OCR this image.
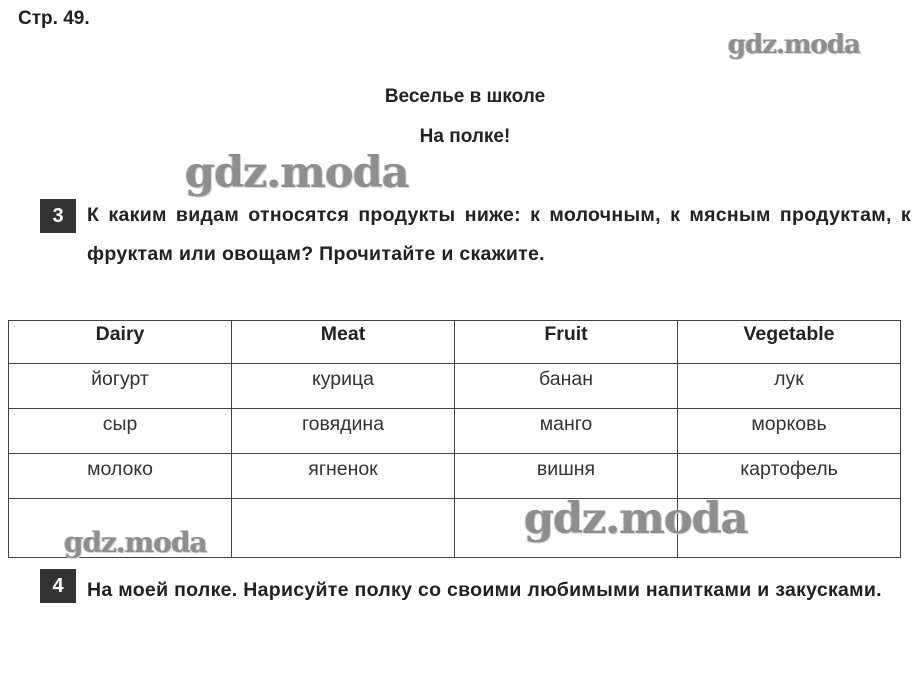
Стр. 49.
gdz.moda
Веселье в школе
На полке!
gdz.moda
3	К каким видам относятся продукты ниже: к молочным, к мясным продуктам, к фруктам или овощам? Прочитайте и скажите.
Dairy	Meat	Fruit	Vegetable
йогурт	курица	банан	лук
сыр	говядина	манго	морковь
молоко	ягненок	вишня	картофель

gdz.moda
gdz.moda
4	На моей полке. Нарисуйте полку со своими любимыми напитками и закусками.
